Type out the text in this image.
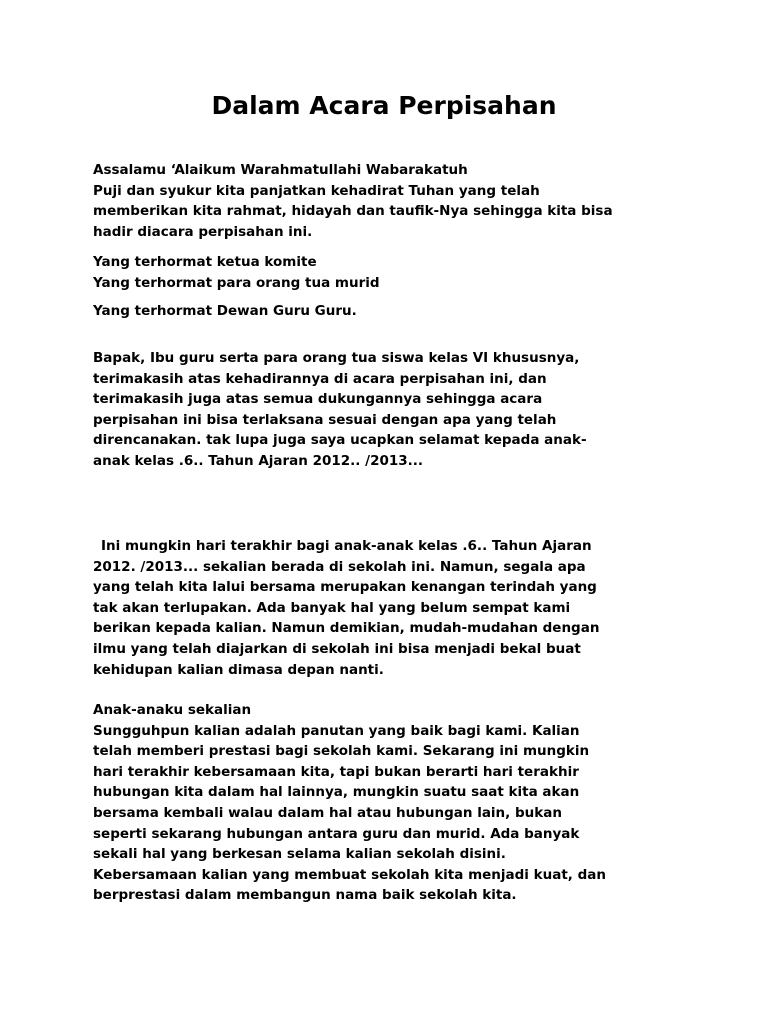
Dalam Acara Perpisahan

Assalamu ‘Alaikum Warahmatullahi Wabarakatuh
Puji dan syukur kita panjatkan kehadirat Tuhan yang telah
memberikan kita rahmat, hidayah dan taufik-Nya sehingga kita bisa
hadir diacara perpisahan ini.

Yang terhormat ketua komite
Yang terhormat para orang tua murid

Yang terhormat Dewan Guru Guru.

Bapak, Ibu guru serta para orang tua siswa kelas VI khususnya,
terimakasih atas kehadirannya di acara perpisahan ini, dan
terimakasih juga atas semua dukungannya sehingga acara
perpisahan ini bisa terlaksana sesuai dengan apa yang telah
direncanakan. tak lupa juga saya ucapkan selamat kepada anak-
anak kelas .6.. Tahun Ajaran 2012.. /2013...

Ini mungkin hari terakhir bagi anak-anak kelas .6.. Tahun Ajaran
2012. /2013... sekalian berada di sekolah ini. Namun, segala apa
yang telah kita lalui bersama merupakan kenangan terindah yang
tak akan terlupakan. Ada banyak hal yang belum sempat kami
berikan kepada kalian. Namun demikian, mudah-mudahan dengan
ilmu yang telah diajarkan di sekolah ini bisa menjadi bekal buat
kehidupan kalian dimasa depan nanti.

Anak-anaku sekalian
Sungguhpun kalian adalah panutan yang baik bagi kami. Kalian
telah memberi prestasi bagi sekolah kami. Sekarang ini mungkin
hari terakhir kebersamaan kita, tapi bukan berarti hari terakhir
hubungan kita dalam hal lainnya, mungkin suatu saat kita akan
bersama kembali walau dalam hal atau hubungan lain, bukan
seperti sekarang hubungan antara guru dan murid. Ada banyak
sekali hal yang berkesan selama kalian sekolah disini.
Kebersamaan kalian yang membuat sekolah kita menjadi kuat, dan
berprestasi dalam membangun nama baik sekolah kita.
